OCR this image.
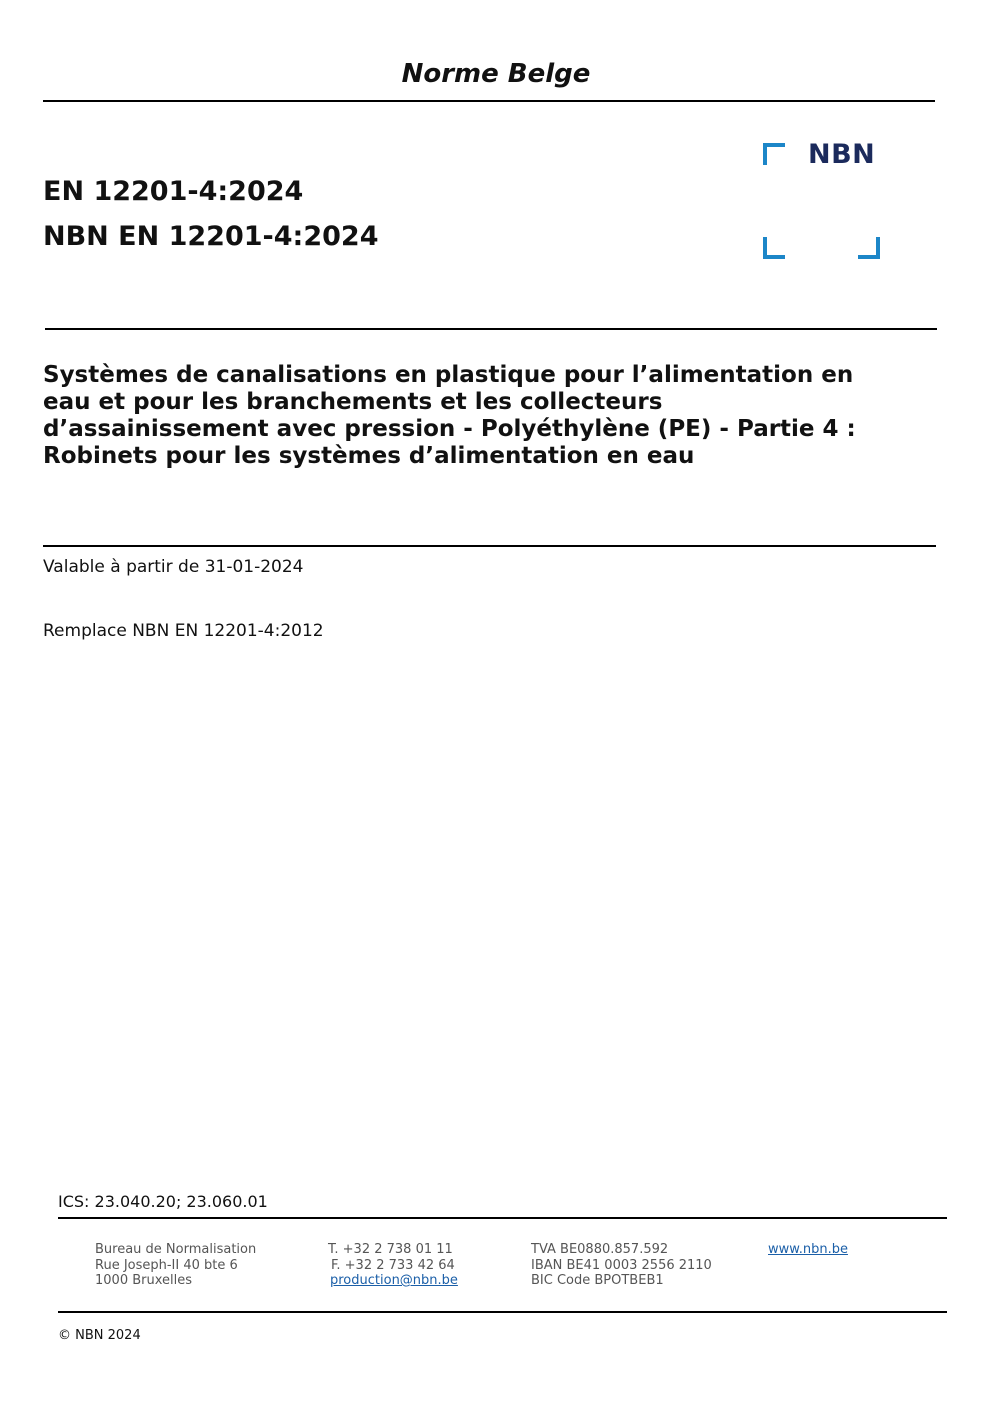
Norme Belge
EN 12201-4:2024
NBN EN 12201-4:2024
NBN
Systèmes de canalisations en plastique pour l’alimentation en
eau et pour les branchements et les collecteurs
d’assainissement avec pression - Polyéthylène (PE) - Partie 4 :
Robinets pour les systèmes d’alimentation en eau
Valable à partir de 31-01-2024
Remplace NBN EN 12201-4:2012
ICS: 23.040.20; 23.060.01
Bureau de Normalisation
Rue Joseph-II 40 bte 6
1000 Bruxelles
T. +32 2 738 01 11
F. +32 2 733 42 64
production@nbn.be
TVA BE0880.857.592
IBAN BE41 0003 2556 2110
BIC Code BPOTBEB1
www.nbn.be
© NBN 2024
